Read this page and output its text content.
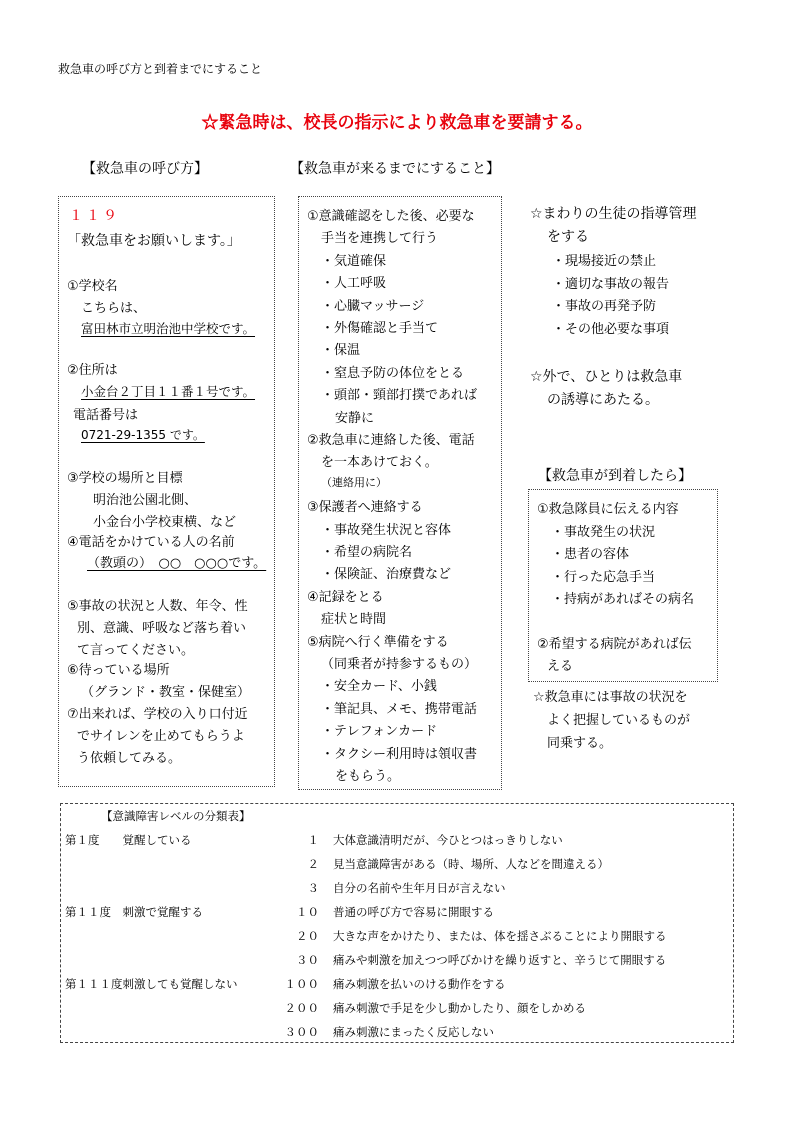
救急車の呼び方と到着までにすること
☆緊急時は、校長の指示により救急車を要請する。
【救急車の呼び方】	【救急車が来るまでにすること】
１１９
「救急車をお願いします。」
①学校名
こちらは、
富田林市立明治池中学校です。
②住所は
小金台２丁目１１番１号です。
電話番号は
0721-29-1355 です。
③学校の場所と目標
明治池公園北側、
小金台小学校東横、など
④電話をかけている人の名前
（教頭の）　○○　○○○です。
⑤事故の状況と人数、年令、性
別、意識、呼吸など落ち着い
て言ってください。
⑥待っている場所
（グランド・教室・保健室）
⑦出来れば、学校の入り口付近
でサイレンを止めてもらうよ
う依頼してみる。
①意識確認をした後、必要な
手当を連携して行う
・気道確保
・人工呼吸
・心臓マッサージ
・外傷確認と手当て
・保温
・窒息予防の体位をとる
・頭部・頸部打撲であれば
安静に
②救急車に連絡した後、電話
を一本あけておく。
（連絡用に）
③保護者へ連絡する
・事故発生状況と容体
・希望の病院名
・保険証、治療費など
④記録をとる
症状と時間
⑤病院へ行く準備をする
（同乗者が持参するもの）
・安全カード、小銭
・筆記具、メモ、携帯電話
・テレフォンカード
・タクシー利用時は領収書
をもらう。
☆まわりの生徒の指導管理
をする
・現場接近の禁止
・適切な事故の報告
・事故の再発予防
・その他必要な事項
☆外で、ひとりは救急車
の誘導にあたる。
【救急車が到着したら】
①救急隊員に伝える内容
・事故発生の状況
・患者の容体
・行った応急手当
・持病があればその病名
②希望する病院があれば伝
える
☆救急車には事故の状況を
よく把握しているものが
同乗する。
【意識障害レベルの分類表】
第１度　　覚醒している	１ 大体意識清明だが、今ひとつはっきりしない
２ 見当意識障害がある（時、場所、人などを間違える）
３ 自分の名前や生年月日が言えない
第１１度　刺激で覚醒する	１０ 普通の呼び方で容易に開眼する
２０ 大きな声をかけたり、または、体を揺さぶることにより開眼する
３０ 痛みや刺激を加えつつ呼びかけを繰り返すと、辛うじて開眼する
第１１１度刺激しても覚醒しない	１００ 痛み刺激を払いのける動作をする
２００ 痛み刺激で手足を少し動かしたり、顔をしかめる
３００ 痛み刺激にまったく反応しない
